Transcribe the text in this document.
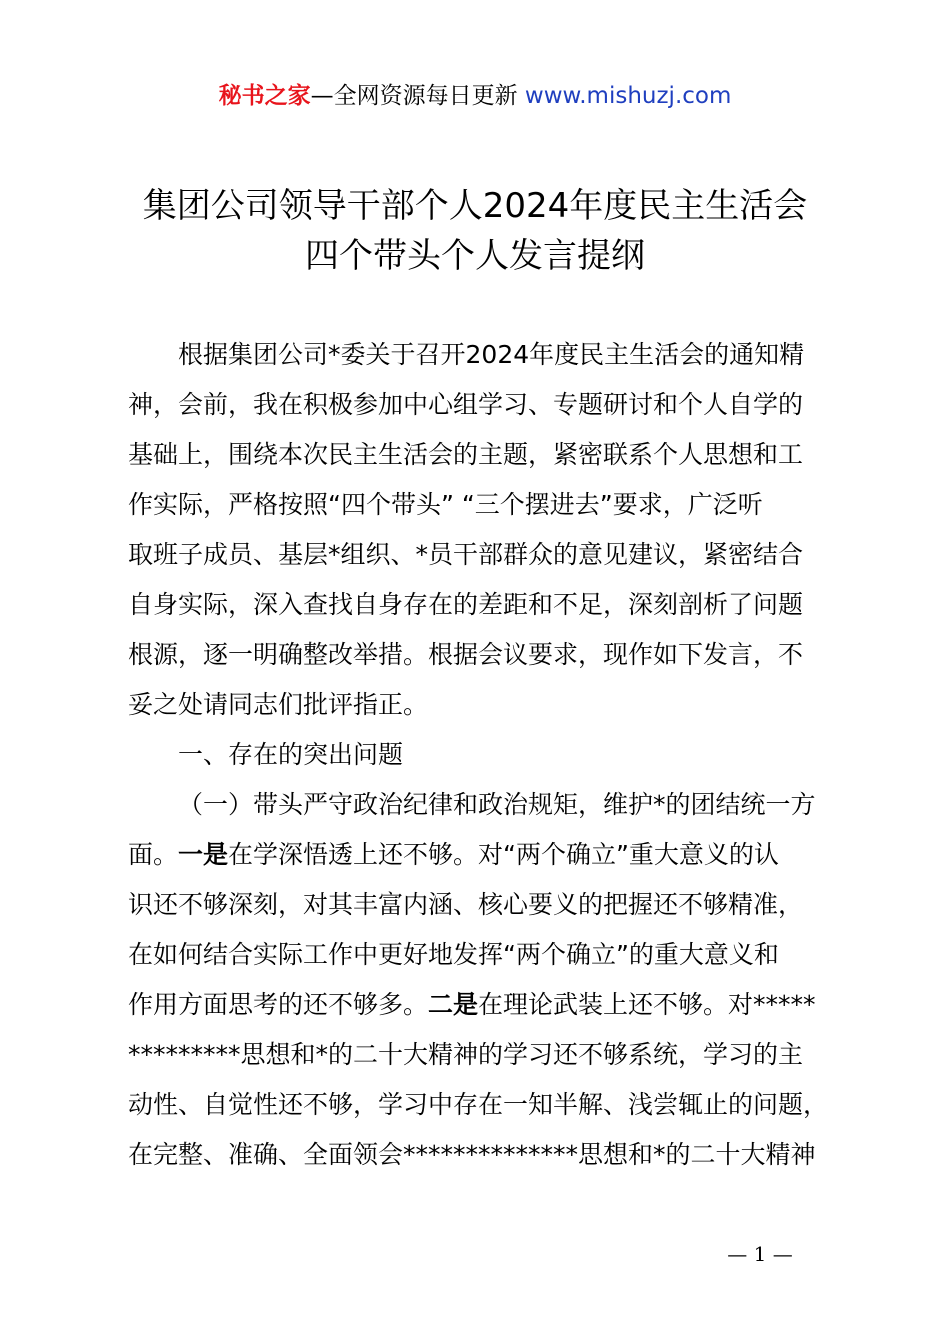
秘书之家—全网资源每日更新 www.mishuzj.com
集团公司领导干部个人2024年度民主生活会
四个带头个人发言提纲
根据集团公司*委关于召开2024年度民主生活会的通知精
神，会前，我在积极参加中心组学习、专题研讨和个人自学的
基础上，围绕本次民主生活会的主题，紧密联系个人思想和工
作实际，严格按照“四个带头” “三个摆进去”要求，广泛听
取班子成员、基层*组织、*员干部群众的意见建议，紧密结合
自身实际，深入查找自身存在的差距和不足，深刻剖析了问题
根源，逐一明确整改举措。根据会议要求，现作如下发言，不
妥之处请同志们批评指正。
一、存在的突出问题
（一）带头严守政治纪律和政治规矩，维护*的团结统一方
面。一是在学深悟透上还不够。对“两个确立”重大意义的认
识还不够深刻，对其丰富内涵、核心要义的把握还不够精准，
在如何结合实际工作中更好地发挥“两个确立”的重大意义和
作用方面思考的还不够多。二是在理论武装上还不够。对*****
*********思想和*的二十大精神的学习还不够系统，学习的主
动性、自觉性还不够，学习中存在一知半解、浅尝辄止的问题，
在完整、准确、全面领会**************思想和*的二十大精神
— 1 —
